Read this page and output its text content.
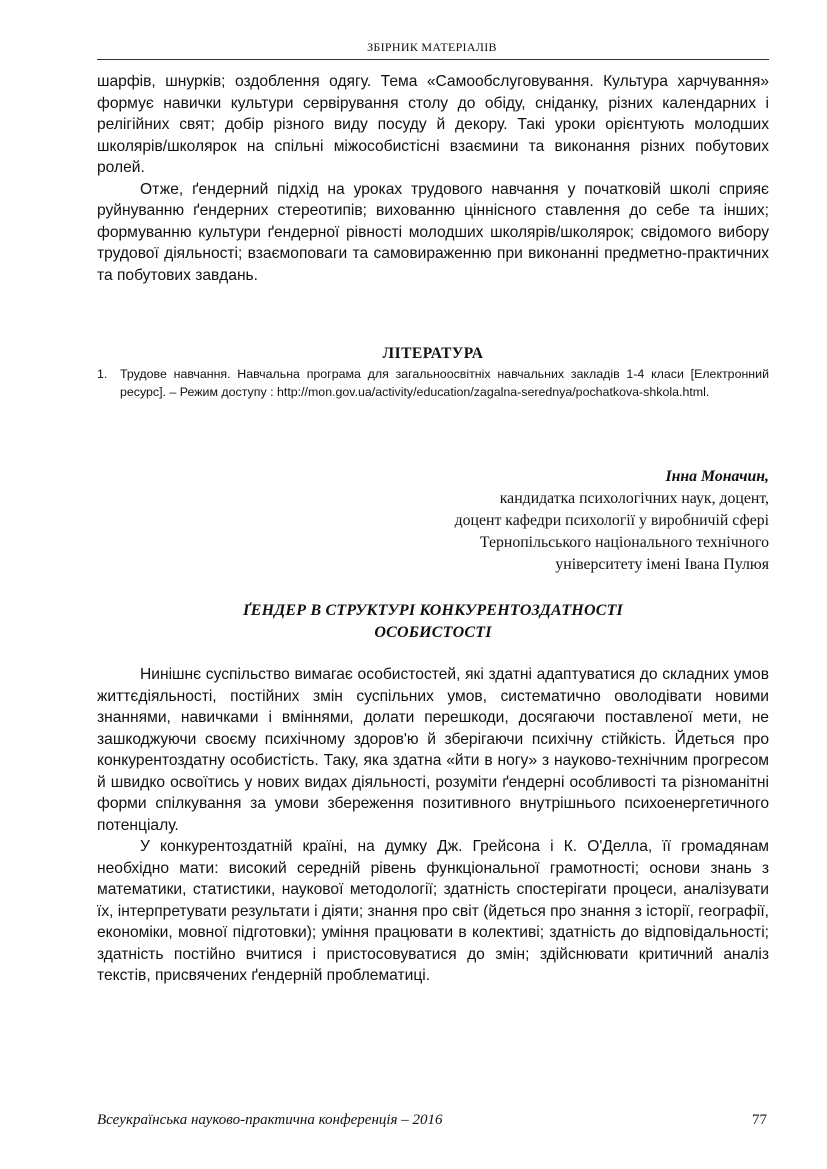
ЗБІРНИК МАТЕРІАЛІВ

шарфів, шнурків; оздоблення одягу. Тема «Самообслуговування. Культура харчування» формує навички культури сервірування столу до обіду, сніданку, різних календарних і релігійних свят; добір різного виду посуду й декору. Такі уроки орієнтують молодших школярів/школярок на спільні міжособистісні взаємини та виконання різних побутових ролей.

Отже, ґендерний підхід на уроках трудового навчання у початковій школі сприяє руйнуванню ґендерних стереотипів; вихованню ціннісного ставлення до себе та інших; формуванню культури ґендерної рівності молодших школярів/школярок; свідомого вибору трудової діяльності; взаємоповаги та самовираженню при виконанні предметно-практичних та побутових завдань.

ЛІТЕРАТУРА
1.	Трудове навчання. Навчальна програма для загальноосвітніх навчальних закладів 1-4 класи [Електронний ресурс]. – Режим доступу : http://mon.gov.ua/activity/education/zagalna-serednya/pochatkova-shkola.html.
Інна Моначин,
кандидатка психологічних наук, доцент,
доцент кафедри психології у виробничій сфері
Тернопільського національного технічного
університету імені Івана Пулюя
ҐЕНДЕР В СТРУКТУРІ КОНКУРЕНТОЗДАТНОСТІ
ОСОБИСТОСТІ

Нинішнє суспільство вимагає особистостей, які здатні адаптуватися до складних умов життєдіяльності, постійних змін суспільних умов, систематично оволодівати новими знаннями, навичками і вміннями, долати перешкоди, досягаючи поставленої мети, не зашкоджуючи своєму психічному здоров'ю й зберігаючи психічну стійкість. Йдеться про конкурентоздатну особистість. Таку, яка здатна «йти в ногу» з науково-технічним прогресом й швидко освоїтись у нових видах діяльності, розуміти ґендерні особливості та різноманітні форми спілкування за умови збереження позитивного внутрішнього психоенергетичного потенціалу.

У конкурентоздатній країні, на думку Дж. Грейсона і К. О'Делла, її громадянам необхідно мати: високий середній рівень функціональної грамотності; основи знань з математики, статистики, наукової методології; здатність спостерігати процеси, аналізувати їх, інтерпретувати результати і діяти; знання про світ (йдеться про знання з історії, географії, економіки, мовної підготовки); уміння працювати в колективі; здатність до відповідальності; здатність постійно вчитися і пристосовуватися до змін; здійснювати критичний аналіз текстів, присвячених ґендерній проблематиці.

Всеукраїнська науково-практична конференція – 2016	77
